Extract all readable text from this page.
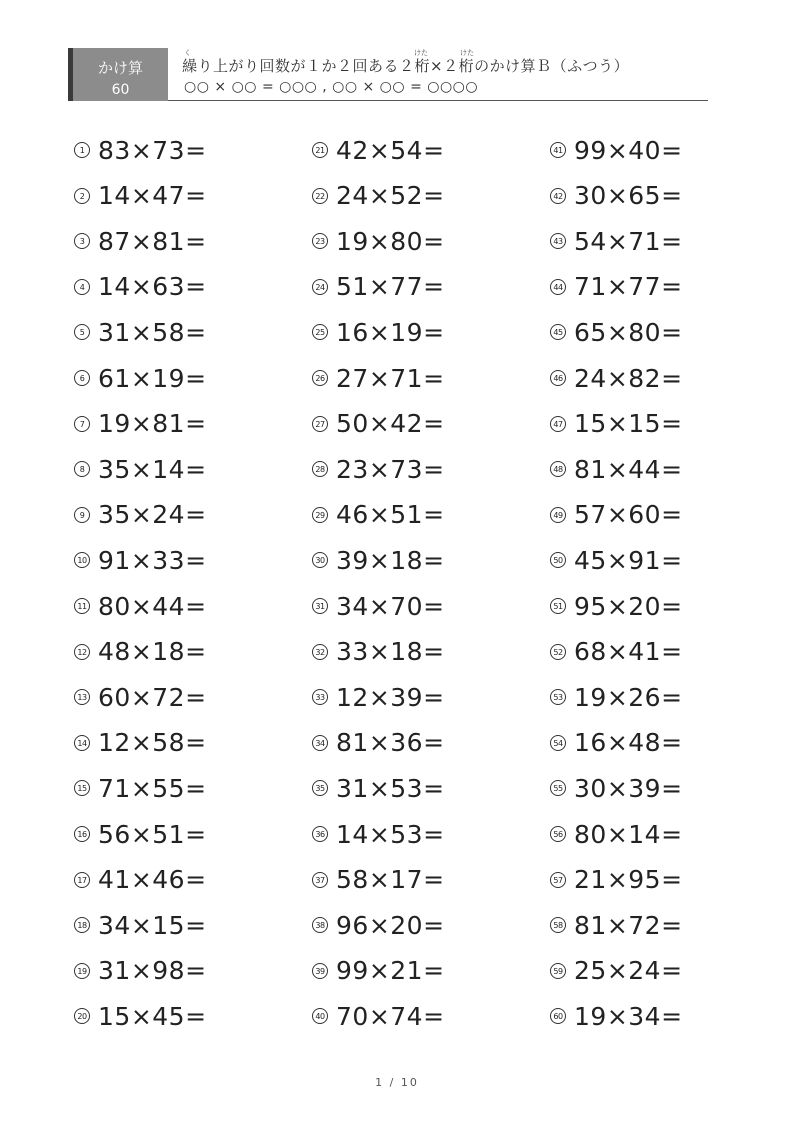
かけ算
60
く	けた	けた
繰り上がり回数が１か２回ある２桁×２桁のかけ算Ｂ（ふつう）
○○ × ○○ = ○○○ , ○○ × ○○ = ○○○○
1 83×73=
2 14×47=
3 87×81=
4 14×63=
5 31×58=
6 61×19=
7 19×81=
8 35×14=
9 35×24=
10 91×33=
11 80×44=
12 48×18=
13 60×72=
14 12×58=
15 71×55=
16 56×51=
17 41×46=
18 34×15=
19 31×98=
20 15×45=
21 42×54=
22 24×52=
23 19×80=
24 51×77=
25 16×19=
26 27×71=
27 50×42=
28 23×73=
29 46×51=
30 39×18=
31 34×70=
32 33×18=
33 12×39=
34 81×36=
35 31×53=
36 14×53=
37 58×17=
38 96×20=
39 99×21=
40 70×74=
41 99×40=
42 30×65=
43 54×71=
44 71×77=
45 65×80=
46 24×82=
47 15×15=
48 81×44=
49 57×60=
50 45×91=
51 95×20=
52 68×41=
53 19×26=
54 16×48=
55 30×39=
56 80×14=
57 21×95=
58 81×72=
59 25×24=
60 19×34=
1 / 10
